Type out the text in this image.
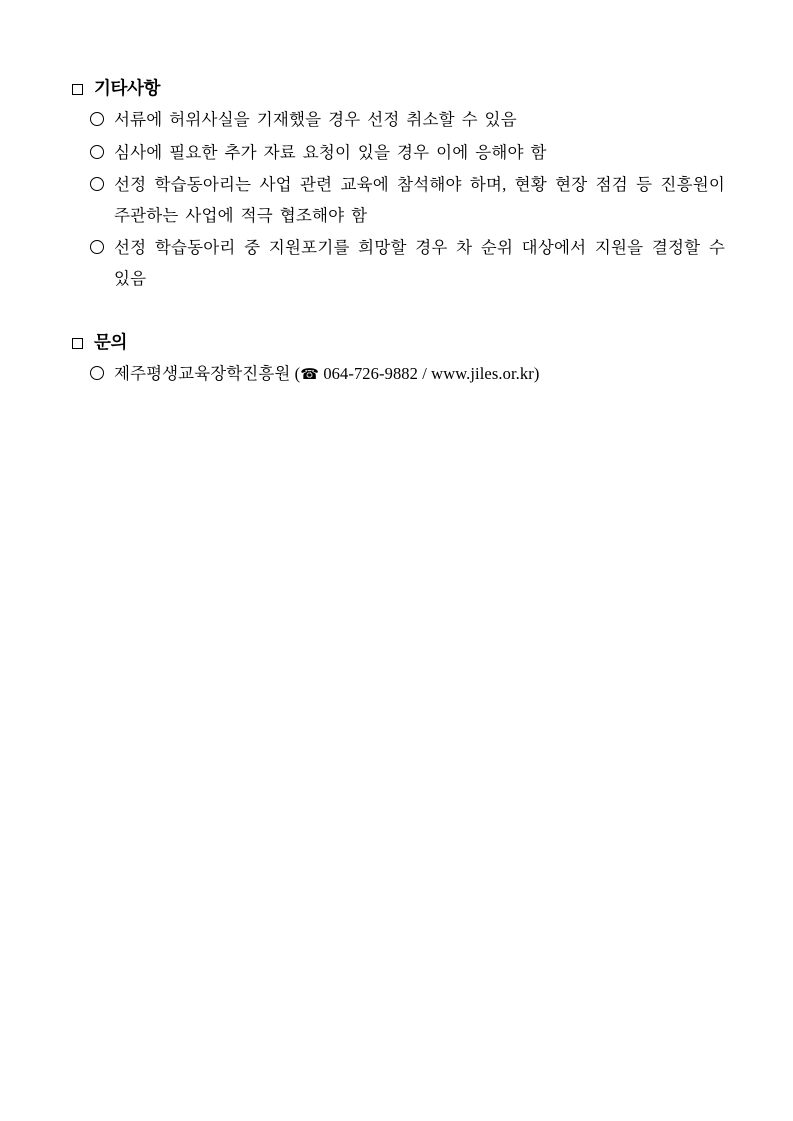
기타사항
서류에 허위사실을 기재했을 경우 선정 취소할 수 있음
심사에 필요한 추가 자료 요청이 있을 경우 이에 응해야 함
선정 학습동아리는 사업 관련 교육에 참석해야 하며, 현황 현장 점검 등 진흥원이 주관하는 사업에 적극 협조해야 함
선정 학습동아리 중 지원포기를 희망할 경우 차 순위 대상에서 지원을 결정할 수 있음
문의
제주평생교육장학진흥원 (☎ 064-726-9882 / www.jiles.or.kr)
